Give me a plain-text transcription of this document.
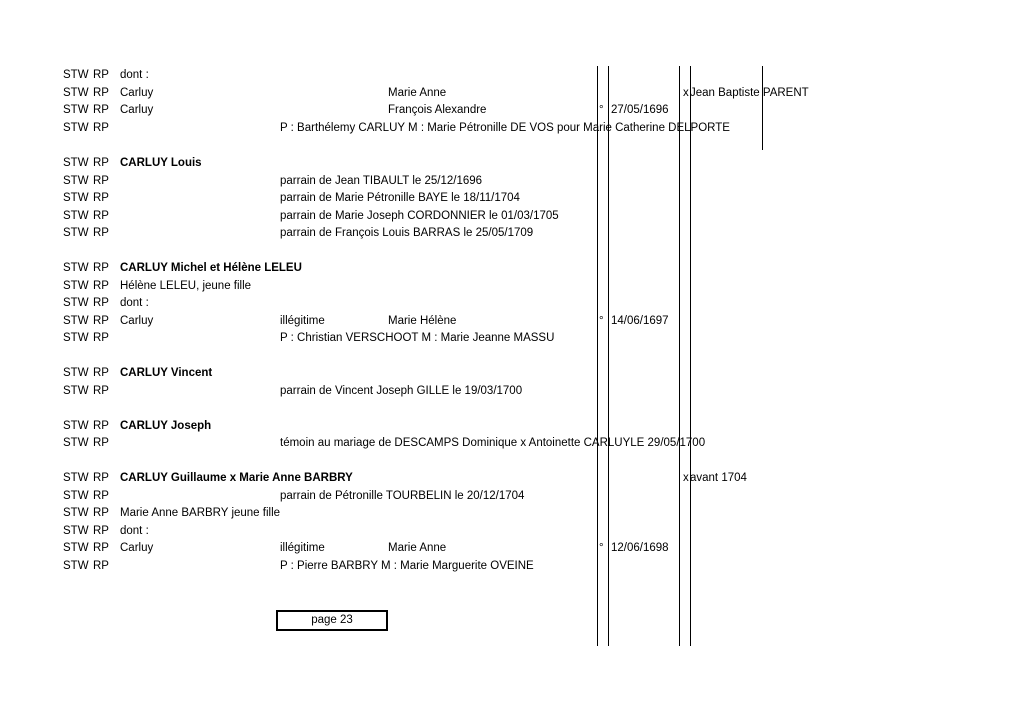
STW RP dont :
STW RP Carluy	Marie Anne	x Jean Baptiste PARENT
STW RP Carluy	François Alexandre	° 27/05/1696
STW RP	P : Barthélemy CARLUY M : Marie Pétronille DE VOS pour Marie Catherine DELPORTE
STW RP CARLUY Louis
STW RP	parrain de Jean TIBAULT le 25/12/1696
STW RP	parrain de Marie Pétronille BAYE le 18/11/1704
STW RP	parrain de Marie Joseph CORDONNIER le 01/03/1705
STW RP	parrain de François Louis BARRAS le 25/05/1709
STW RP CARLUY Michel et Hélène LELEU
STW RP Hélène LELEU, jeune fille
STW RP dont :
STW RP Carluy	illégitime	Marie Hélène	° 14/06/1697
STW RP	P : Christian VERSCHOOT M : Marie Jeanne MASSU
STW RP CARLUY Vincent
STW RP	parrain de Vincent Joseph GILLE le 19/03/1700
STW RP CARLUY Joseph
STW RP	témoin au mariage de DESCAMPS Dominique x Antoinette CARLUYLE 29/05/1700
STW RP CARLUY Guillaume x Marie Anne BARBRY	x avant 1704
STW RP	parrain de Pétronille TOURBELIN le 20/12/1704
STW RP Marie Anne BARBRY jeune fille
STW RP dont :
STW RP Carluy	illégitime	Marie Anne	° 12/06/1698
STW RP	P : Pierre BARBRY M : Marie Marguerite OVEINE
page 23
